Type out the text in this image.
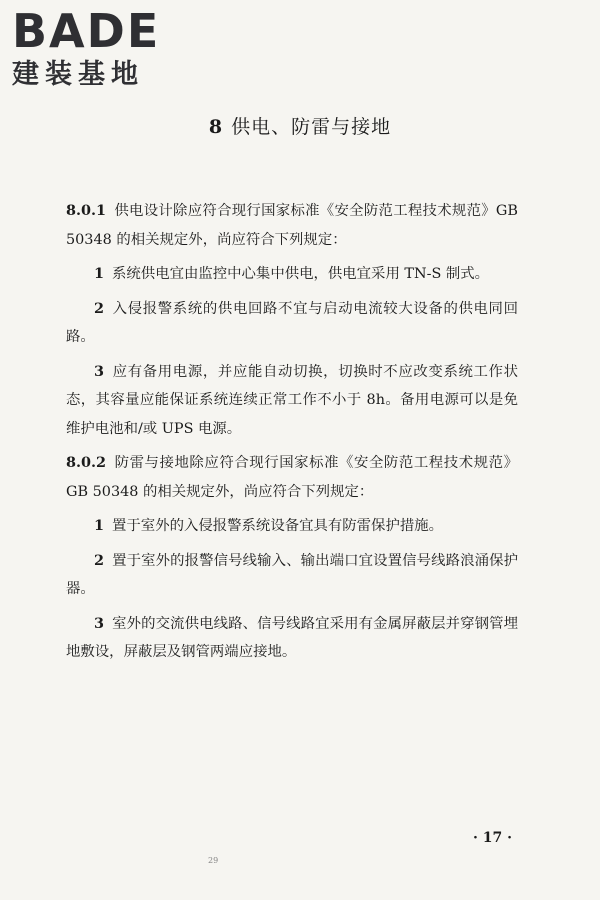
BADE
建装基地
8 供电、防雷与接地

8.0.1 供电设计除应符合现行国家标准《安全防范工程技术规范》GB 50348 的相关规定外，尚应符合下列规定：

1 系统供电宜由监控中心集中供电，供电宜采用 TN-S 制式。

2 入侵报警系统的供电回路不宜与启动电流较大设备的供电同回路。

3 应有备用电源，并应能自动切换，切换时不应改变系统工作状态，其容量应能保证系统连续正常工作不小于 8h。备用电源可以是免维护电池和/或 UPS 电源。

8.0.2 防雷与接地除应符合现行国家标准《安全防范工程技术规范》GB 50348 的相关规定外，尚应符合下列规定：

1 置于室外的入侵报警系统设备宜具有防雷保护措施。

2 置于室外的报警信号线输入、输出端口宜设置信号线路浪涌保护器。

3 室外的交流供电线路、信号线路宜采用有金属屏蔽层并穿钢管埋地敷设，屏蔽层及钢管两端应接地。

· 17 ·
29
